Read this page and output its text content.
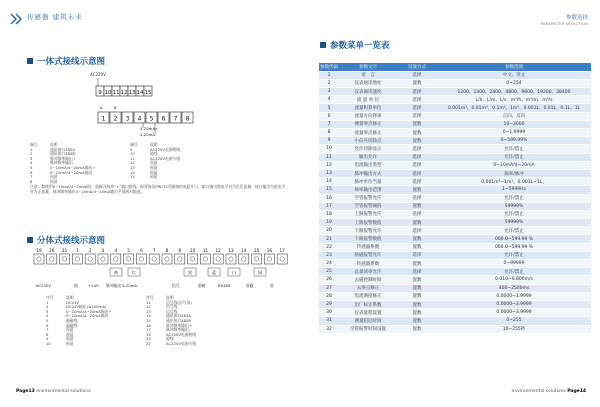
传感器 建筑未来	参数选择
PARAMETER SELECTION
一体式接线示意图
AC220V
9 10 11 12 13 14 15
1 2 3 4 5 6 7 8
4-20mA+
4-20mA-
A	B
端号	说明	端号	说明
1	通讯接口485A	9	AC220V电源相线
2	通讯接口485B	10	地线
3	脉冲频率输出+	11	AC220V电源火线
4	脉冲频率输出-	12	预留
5	0~10mA/4~20mA输出+	13	预留
6	0~10mA/4~20mA输出-	14	预留
7	预留	15	预留
8	预留
注意：如使用0~10mA/4~20mA时，需断开脉冲“+”端口接线，即要保证PW口5引脚接的电阻开口，如口输出需电平对为负负流量，接口输出为低电平对为正流量，脉冲频率输出0~10mA/4~20mA输出平插两对地电。
分体式接线示意图
19 20 21 1 2 3 4 5 6 7 8 9 10 11 12 13 14 15 16 17
黄	红	黑	蓝	白	绿
AC220V	地	+24V 脉冲输出 4-20mA	信号	励磁	RS485	屏蔽	屏
序号	说明	序号	说明
1	DC24V	11	信号线(信号屏)
2	DC24V输出(≤200mA)	12	信号线
3	0~10mA/4~20mA输出+	13	信号线
4	0~10mA/4~20mA输出-	14	通讯接口485A
5	励磁线	15	通讯接口485B
6	励磁线	16	脉冲频率输出+
7	预留	17	脉冲频率输出-
8	预留	19	AC220V电源相线
9	预留	20	地线
10	预留	21	AC220V电源火线
参数菜单一览表
参数代码	参数文字	设置方式	参数范围
1	语　言	选择	中文、英文
2	仪表通讯地址	置数	0~254
3	仪表通讯速度	选择	1200、1400、2400、4800、9600、19200、38400
4	流 量 单 位	选择	L/h、L/m、L/s、m³/h、m³/m、m³/s
5	流量积算单位	选择	0.001m³、0.01m³、0.1m³、1m³、0.001L、0.01L、0.1L、1L
6	流量方向择项	选择	正向、反向
7	测量零点修正	置数	10~3000
8	流量零点修正	置数	0~1.9999
9	小信号切除点	置数	0~599.99%
10	允许切除显示	选择	允许/禁止
11	输出允许	选择	允许/禁止
12	电流输出类型	选择	0~10mA/4~20mA
13	脉冲输出方式	选择	频率/脉冲
14	脉冲单位当量	选择	0.001m³~1m³、0.001L~1L、
15	频率输出范围	置数	1~5999Hz
16	空管报警允许	选择	允许/禁止
17	空管报警阈值	置数	59999%
18	上限报警允许	选择	允许/禁止
19	上限报警数值	置数	59999%
20	下限报警允许	选择	允许/禁止
21	下限报警数值	置数	000.0~599.99 %
22	传感器系数	置数	000.0~599.99 %
23	励磁报警允许	选择	允许/禁止
24	传感器系数	置数	0~99999
25	总量清零允许	选择	允许/禁止
26	去磁控制时间	置数	0.010~0.800m/s
27	去零点修正	置数	400~2500ms
28	电流满度修正	置数	0.0000~1.9999
29	出厂标定系数	置数	0.0000~3.9999
30	仪表量程设置	置数	0.0000~3.9999
31	测量阻尼时间	置数	0~255
32	空管报警时间设置	置数	10~255秒
Page13 environmental solutions	environmental solutions Page14
